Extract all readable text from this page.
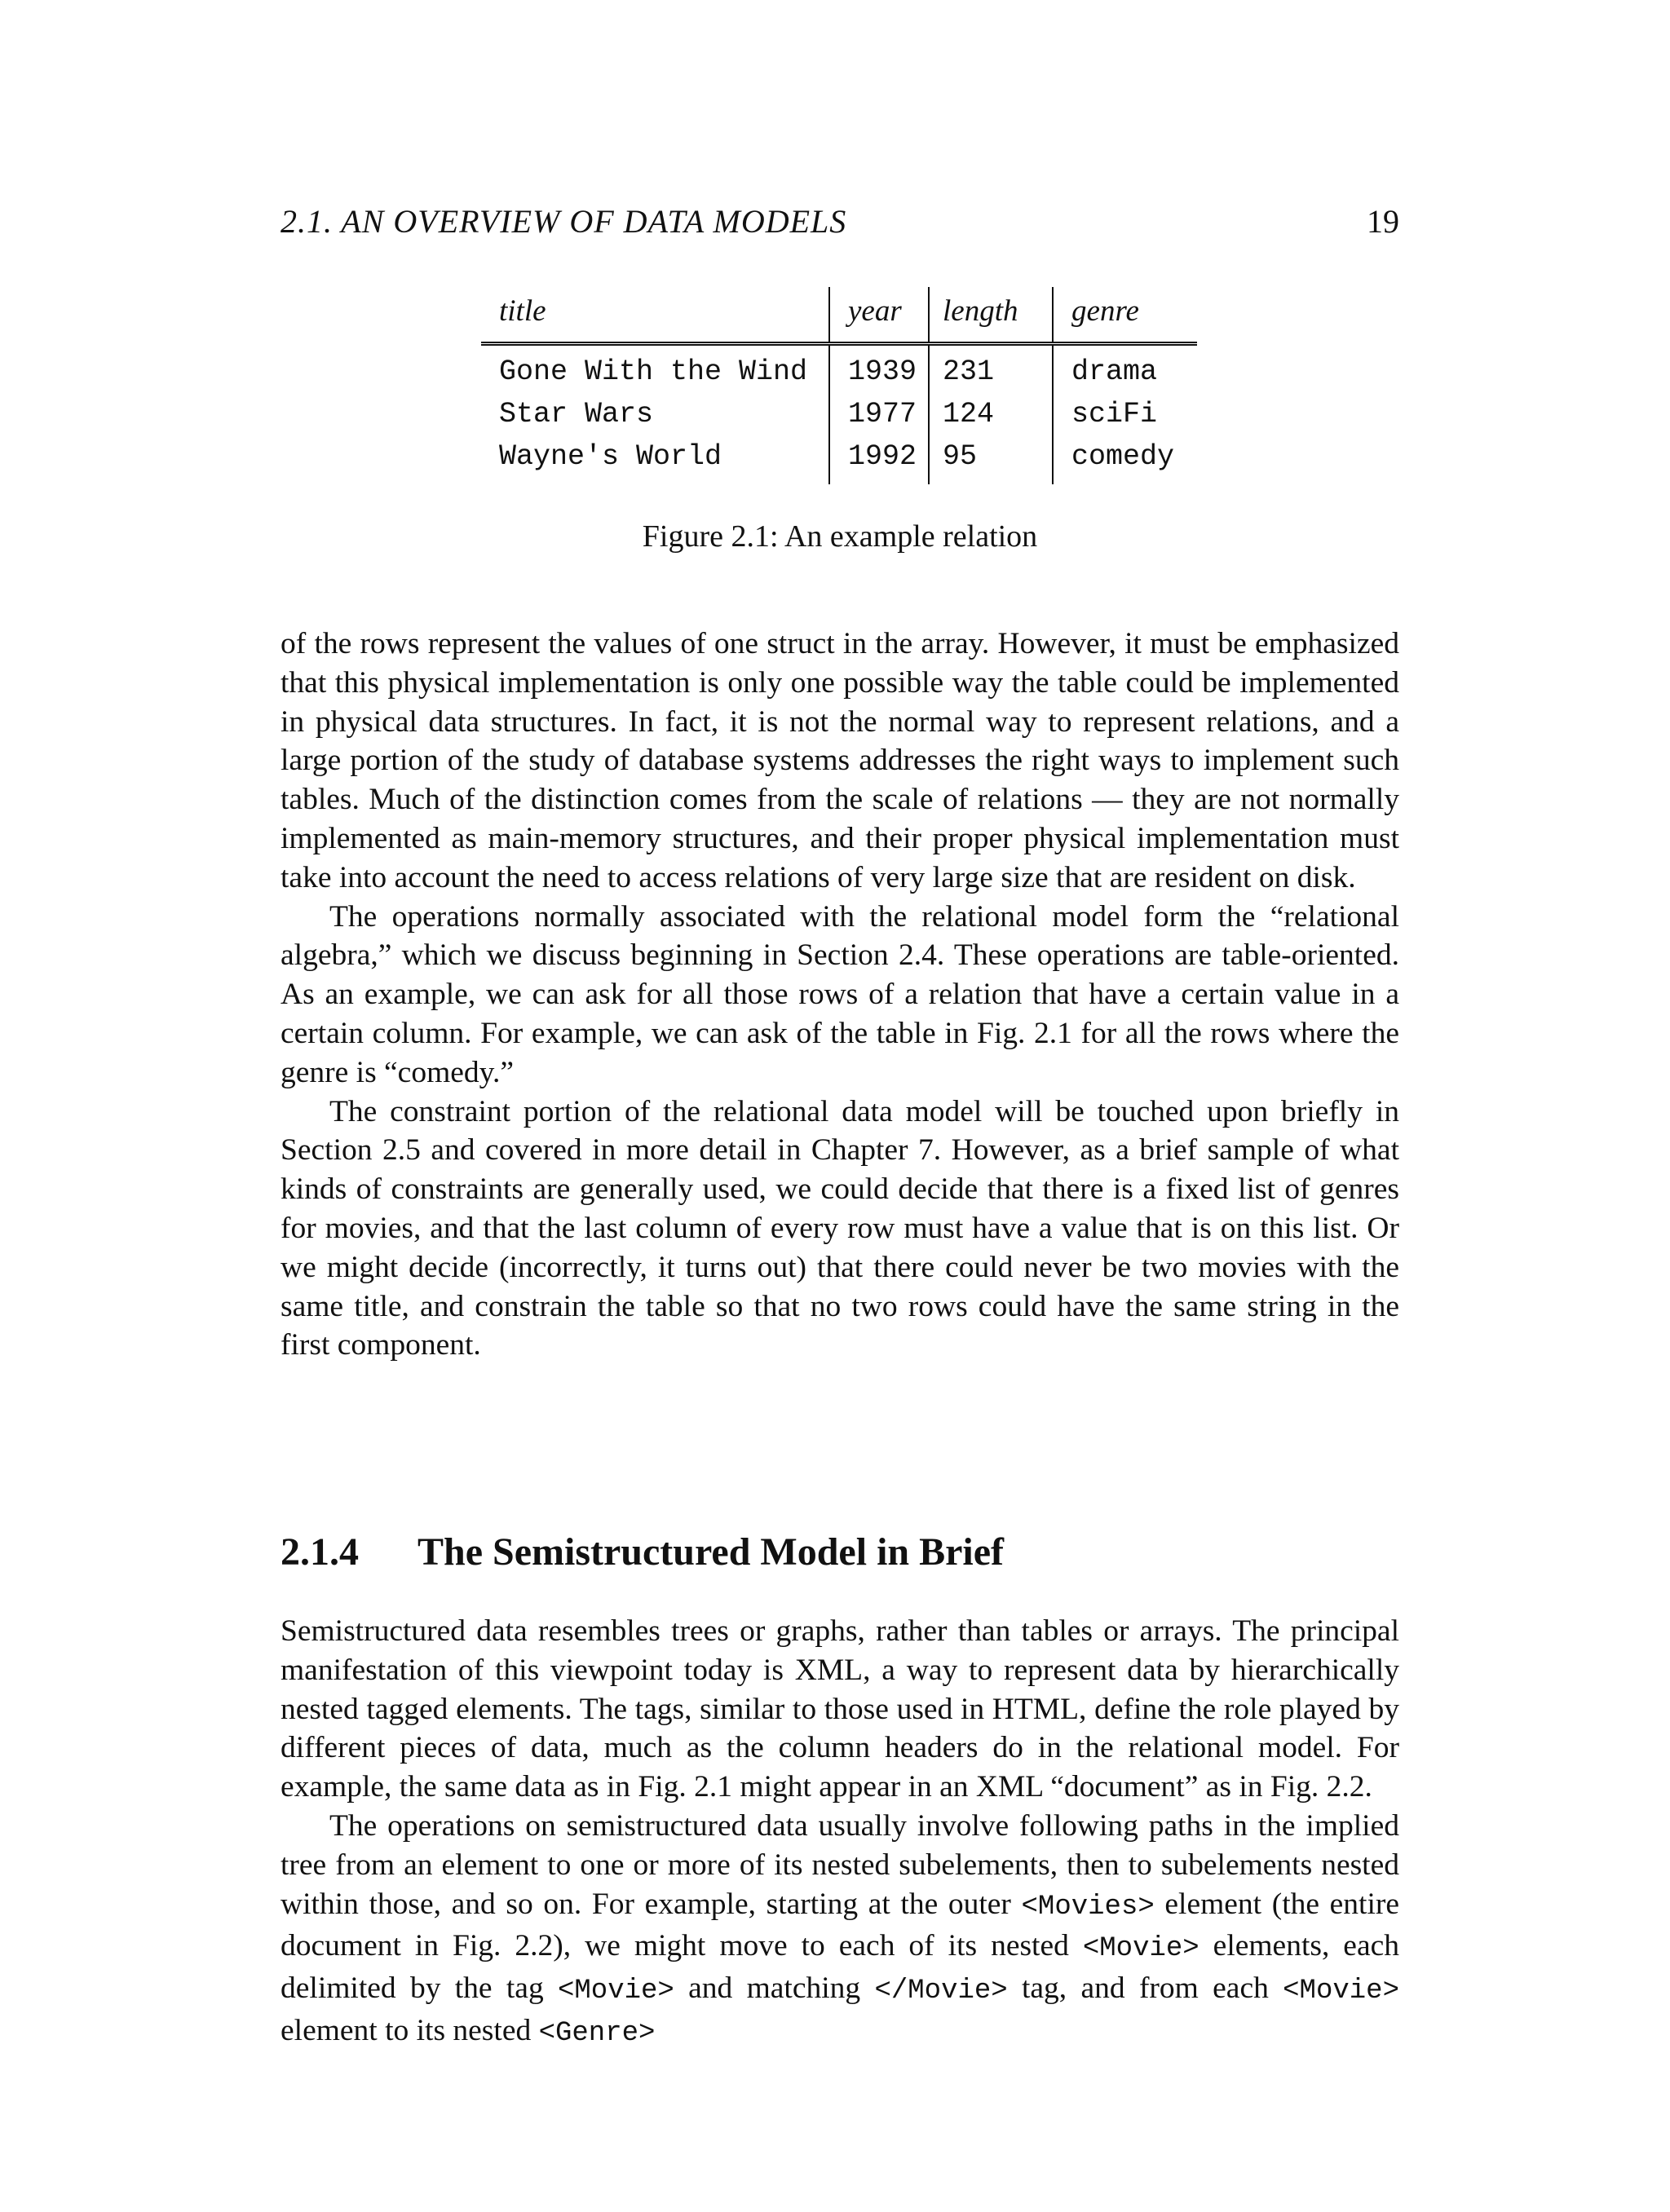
2.1. AN OVERVIEW OF DATA MODELS	19
title	year	length	genre
Gone With the Wind	1939	231	drama
Star Wars	1977	124	sciFi
Wayne's World	1992	95	comedy
Figure 2.1: An example relation

of the rows represent the values of one struct in the array. However, it must be emphasized that this physical implementation is only one possible way the table could be implemented in physical data structures. In fact, it is not the normal way to represent relations, and a large portion of the study of database systems addresses the right ways to implement such tables. Much of the distinction comes from the scale of relations — they are not normally implemented as main-memory structures, and their proper physical implementation must take into account the need to access relations of very large size that are resident on disk.

The operations normally associated with the relational model form the “relational algebra,” which we discuss beginning in Section 2.4. These operations are table-oriented. As an example, we can ask for all those rows of a relation that have a certain value in a certain column. For example, we can ask of the table in Fig. 2.1 for all the rows where the genre is “comedy.”

The constraint portion of the relational data model will be touched upon briefly in Section 2.5 and covered in more detail in Chapter 7. However, as a brief sample of what kinds of constraints are generally used, we could decide that there is a fixed list of genres for movies, and that the last column of every row must have a value that is on this list. Or we might decide (incorrectly, it turns out) that there could never be two movies with the same title, and constrain the table so that no two rows could have the same string in the first component.

2.1.4 The Semistructured Model in Brief

Semistructured data resembles trees or graphs, rather than tables or arrays. The principal manifestation of this viewpoint today is XML, a way to represent data by hierarchically nested tagged elements. The tags, similar to those used in HTML, define the role played by different pieces of data, much as the column headers do in the relational model. For example, the same data as in Fig. 2.1 might appear in an XML “document” as in Fig. 2.2.

The operations on semistructured data usually involve following paths in the implied tree from an element to one or more of its nested subelements, then to subelements nested within those, and so on. For example, starting at the outer <Movies> element (the entire document in Fig. 2.2), we might move to each of its nested <Movie> elements, each delimited by the tag <Movie> and matching </Movie> tag, and from each <Movie> element to its nested <Genre>
